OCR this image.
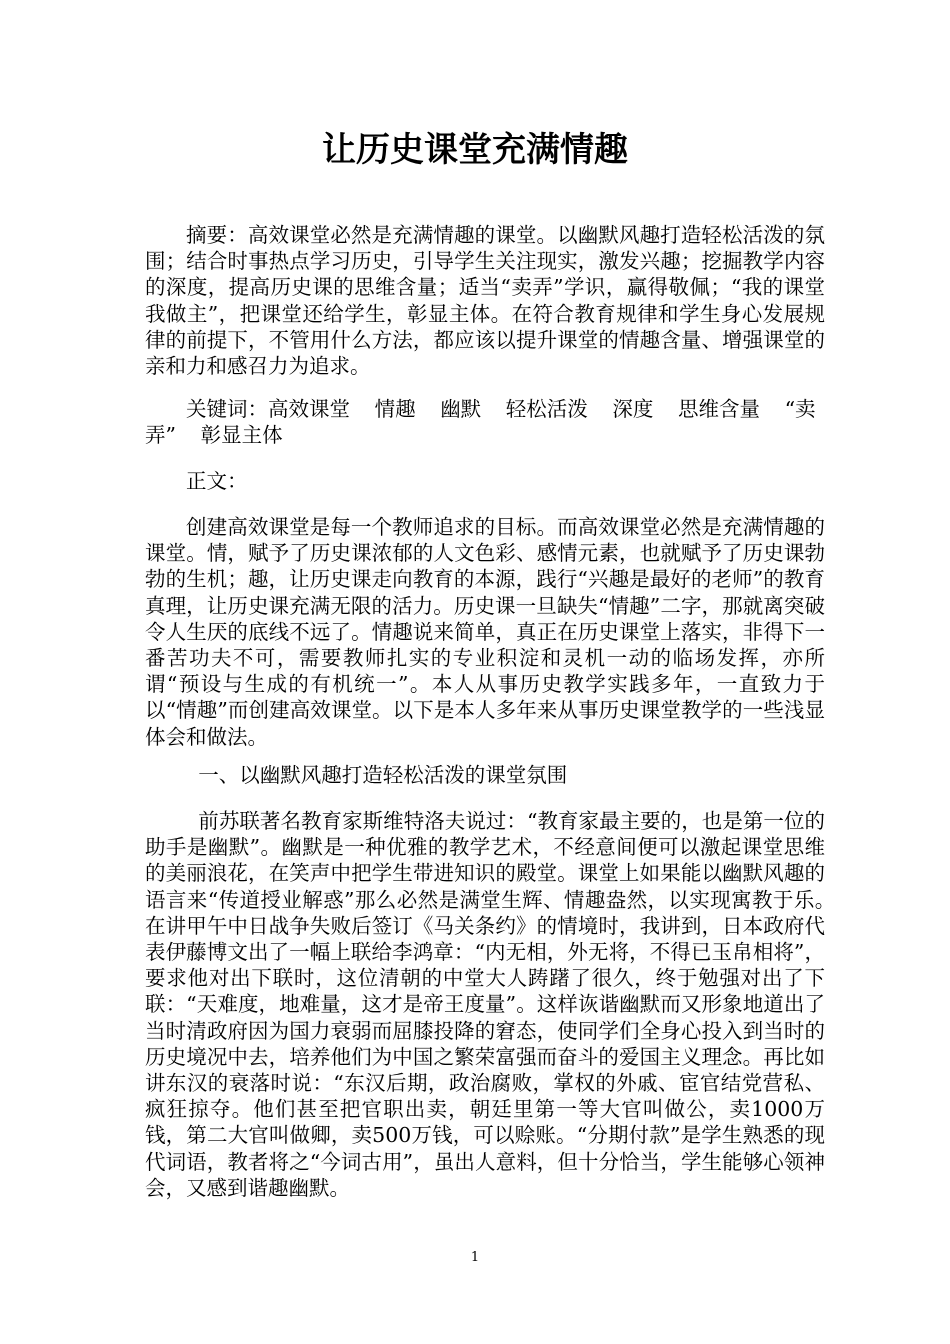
让历史课堂充满情趣

摘要：高效课堂必然是充满情趣的课堂。以幽默风趣打造轻松活泼的氛围；结合时事热点学习历史，引导学生关注现实，激发兴趣；挖掘教学内容的深度，提高历史课的思维含量；适当“卖弄”学识，赢得敬佩；“我的课堂我做主”，把课堂还给学生，彰显主体。在符合教育规律和学生身心发展规律的前提下，不管用什么方法，都应该以提升课堂的情趣含量、增强课堂的亲和力和感召力为追求。

关键词：高效课堂 情趣 幽默 轻松活泼 深度 思维含量 “卖弄” 彰显主体

正文：

创建高效课堂是每一个教师追求的目标。而高效课堂必然是充满情趣的课堂。情，赋予了历史课浓郁的人文色彩、感情元素，也就赋予了历史课勃勃的生机；趣，让历史课走向教育的本源，践行“兴趣是最好的老师”的教育真理，让历史课充满无限的活力。历史课一旦缺失“情趣”二字，那就离突破令人生厌的底线不远了。情趣说来简单，真正在历史课堂上落实，非得下一番苦功夫不可，需要教师扎实的专业积淀和灵机一动的临场发挥，亦所谓“预设与生成的有机统一”。本人从事历史教学实践多年，一直致力于以“情趣”而创建高效课堂。以下是本人多年来从事历史课堂教学的一些浅显体会和做法。

一、以幽默风趣打造轻松活泼的课堂氛围

前苏联著名教育家斯维特洛夫说过：“教育家最主要的，也是第一位的助手是幽默”。幽默是一种优雅的教学艺术，不经意间便可以激起课堂思维的美丽浪花，在笑声中把学生带进知识的殿堂。课堂上如果能以幽默风趣的语言来“传道授业解惑”那么必然是满堂生辉、情趣盎然，以实现寓教于乐。　在讲甲午中日战争失败后签订《马关条约》的情境时，我讲到，日本政府代表伊藤博文出了一幅上联给李鸿章：“内无相，外无将，不得已玉帛相将”，要求他对出下联时，这位清朝的中堂大人踌躇了很久，终于勉强对出了下联：“天难度，地难量，这才是帝王度量”。这样诙谐幽默而又形象地道出了当时清政府因为国力衰弱而屈膝投降的窘态，使同学们全身心投入到当时的历史境况中去，培养他们为中国之繁荣富强而奋斗的爱国主义理念。再比如讲东汉的衰落时说：“东汉后期，政治腐败，掌权的外戚、宦官结党营私、疯狂掠夺。他们甚至把官职出卖，朝廷里第一等大官叫做公，卖1000万钱，第二大官叫做卿，卖500万钱，可以赊账。“分期付款”是学生熟悉的现代词语，教者将之“今词古用”，虽出人意料，但十分恰当，学生能够心领神会，又感到谐趣幽默。

1
